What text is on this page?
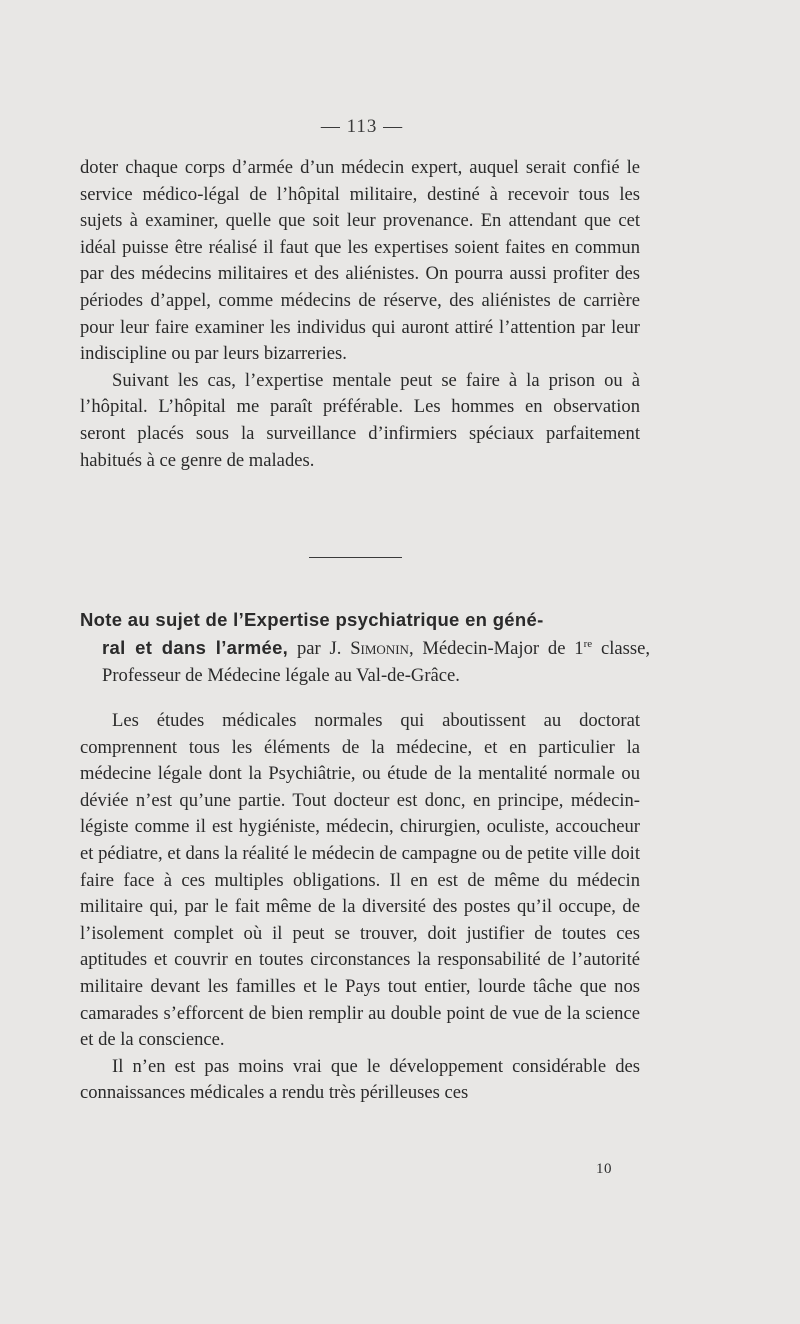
— 113 —

doter chaque corps d’armée d’un médecin expert, auquel serait confié le service médico-légal de l’hôpital militaire, destiné à recevoir tous les sujets à examiner, quelle que soit leur provenance. En attendant que cet idéal puisse être réalisé il faut que les expertises soient faites en commun par des médecins militaires et des aliénistes. On pourra aussi profiter des périodes d’appel, comme médecins de réserve, des aliénistes de carrière pour leur faire examiner les individus qui auront attiré l’attention par leur indiscipline ou par leurs bizarreries.

Suivant les cas, l’expertise mentale peut se faire à la prison ou à l’hôpital. L’hôpital me paraît préférable. Les hommes en observation seront placés sous la surveillance d’infirmiers spéciaux parfaitement habitués à ce genre de malades.

Note au sujet de l’Expertise psychiatrique en géné-
ral et dans l’armée, par J. Simonin, Médecin-Major de 1re classe, Professeur de Médecine légale au Val-de-Grâce.

Les études médicales normales qui aboutissent au doctorat comprennent tous les éléments de la médecine, et en particulier la médecine légale dont la Psychiâtrie, ou étude de la mentalité normale ou déviée n’est qu’une partie. Tout docteur est donc, en principe, médecin-légiste comme il est hygiéniste, médecin, chirurgien, oculiste, accoucheur et pédiatre, et dans la réalité le médecin de campagne ou de petite ville doit faire face à ces multiples obligations. Il en est de même du médecin militaire qui, par le fait même de la diversité des postes qu’il occupe, de l’isolement complet où il peut se trouver, doit justifier de toutes ces aptitudes et couvrir en toutes circonstances la responsabilité de l’autorité militaire devant les familles et le Pays tout entier, lourde tâche que nos camarades s’efforcent de bien remplir au double point de vue de la science et de la conscience.

Il n’en est pas moins vrai que le développement considérable des connaissances médicales a rendu très périlleuses ces

10
